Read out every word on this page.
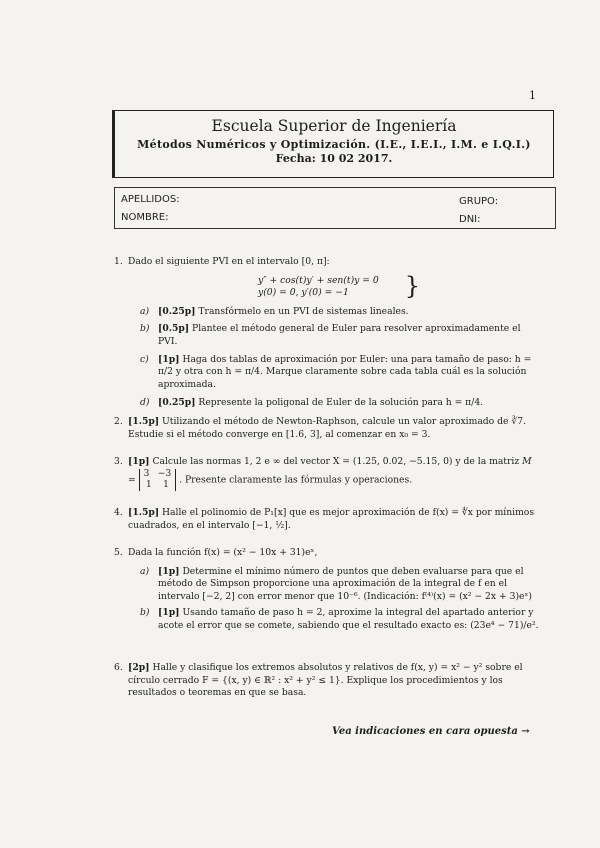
1
Escuela Superior de Ingeniería
Métodos Numéricos y Optimización. (I.E., I.E.I., I.M. e I.Q.I.)
Fecha: 10 02 2017.
APELLIDOS:
NOMBRE:
GRUPO:
DNI:
1. Dado el siguiente PVI en el intervalo [0, π]:
y″ + cos(t)y′ + sen(t)y = 0
y(0) = 0, y′(0) = −1	}
a) [0.25p] Transfórmelo en un PVI de sistemas lineales.
b) [0.5p] Plantee el método general de Euler para resolver aproximadamente el PVI.
c) [1p] Haga dos tablas de aproximación por Euler: una para tamaño de paso: h = π/2 y otra con h = π/4. Marque claramente sobre cada tabla cuál es la solución aproximada.
d) [0.25p] Represente la poligonal de Euler de la solución para h = π/4.
2. [1.5p] Utilizando el método de Newton-Raphson, calcule un valor aproximado de ∛7. Estudie si el método converge en [1.6, 3], al comenzar en x₀ = 3.
3. [1p] Calcule las normas 1, 2 e ∞ del vector X = (1.25, 0.02, −5.15, 0) y de la matriz M =
3   −3
1    1 . Presente claramente las fórmulas y operaciones.
4. [1.5p] Halle el polinomio de P₁[x] que es mejor aproximación de f(x) = ∜x por mínimos cuadrados, en el intervalo [−1, ½].
5. Dada la función f(x) = (x² − 10x + 31)eˣ,
a) [1p] Determine el mínimo número de puntos que deben evaluarse para que el método de Simpson proporcione una aproximación de la integral de f en el intervalo [−2, 2] con error menor que 10⁻⁶. (Indicación: f⁽⁴⁾(x) = (x² − 2x + 3)eˣ)
b) [1p] Usando tamaño de paso h = 2, aproxime la integral del apartado anterior y acote el error que se comete, sabiendo que el resultado exacto es: (23e⁴ − 71)/e².
6. [2p] Halle y clasifique los extremos absolutos y relativos de f(x, y) = x² − y² sobre el círculo cerrado F = {(x, y) ∈ ℝ² : x² + y² ≤ 1}. Explique los procedimientos y los resultados o teoremas en que se basa.
Vea indicaciones en cara opuesta →
